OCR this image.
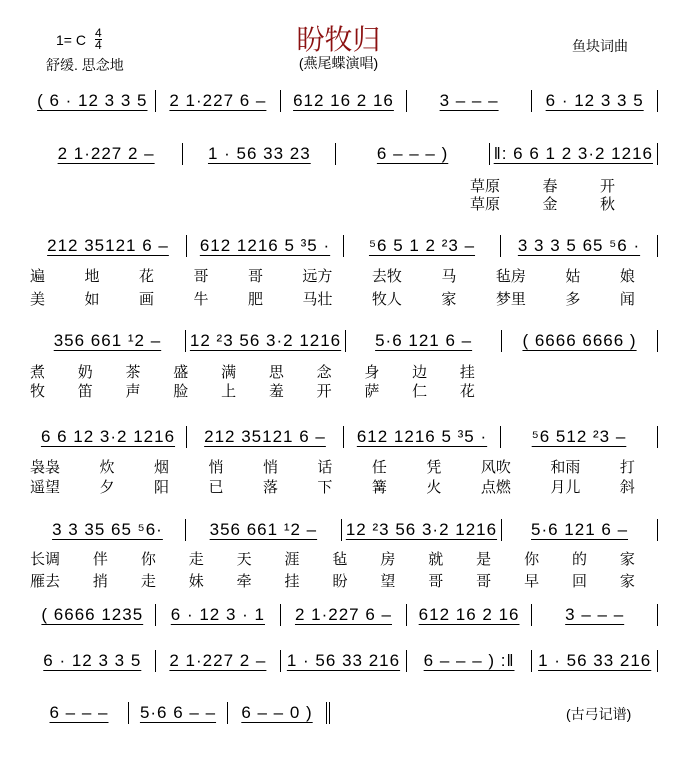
1= C 4
4
舒缓. 思念地
盼牧归
(燕尾蝶演唱)
鱼块词曲
(古弓记谱)
( 6 · 12 3 3 5 2 1·227 6 – 612 16 2 16	3 – – –	6 · 12 3 3 5
2 1·227 2 –	1 · 56 33 23	6 – – – )	‖: 6 6 1 2 3·2 1216
草原	春	开
草原	金	秋
212 35121 6 – 612 1216 5 ³5 · ⁵6 5 1 2 ²3 –	3 3 3 5 65 ⁵6 ·
遍	地	花	哥	哥	远方	去牧	马	毡房	姑	娘
美	如	画	牛	肥	马壮	牧人	家	梦里	多	闻
356 661 ¹2 – 12 ²3 56 3·2 1216 5·6 121 6 –	( 6666 6666 )
煮 奶 茶 盛 满 思 念 身 边 挂
牧 笛 声 脸 上 羞 开 萨 仁 花
6 6 12 3·2 1216 212 35121 6 – 612 1216 5 ³5 ·	⁵6 512 ²3 –
袅袅	炊	烟	悄	悄	话	任	凭	风吹	和雨	打
遥望	夕	阳	已	落	下	篝	火	点燃	月儿	斜
3 3 35 65 ⁵6·	356 661 ¹2 – 12 ²3 56 3·2 1216 5·6 121 6 –
长调 伴 你 走 天 涯 毡 房 就 是 你 的 家
雁去 捎 走 妹 牵 挂 盼 望 哥 哥 早 回 家
( 6666 1235 6 · 12 3 · 1 2 1·227 6 – 612 16 2 16	3 – – –
6 · 12 3 3 5 2 1·227 2 – 1 · 56 33 216 6 – – – ) :‖ 1 · 56 33 216
6 – – – 5·6 6 – – 6 – – 0 )
